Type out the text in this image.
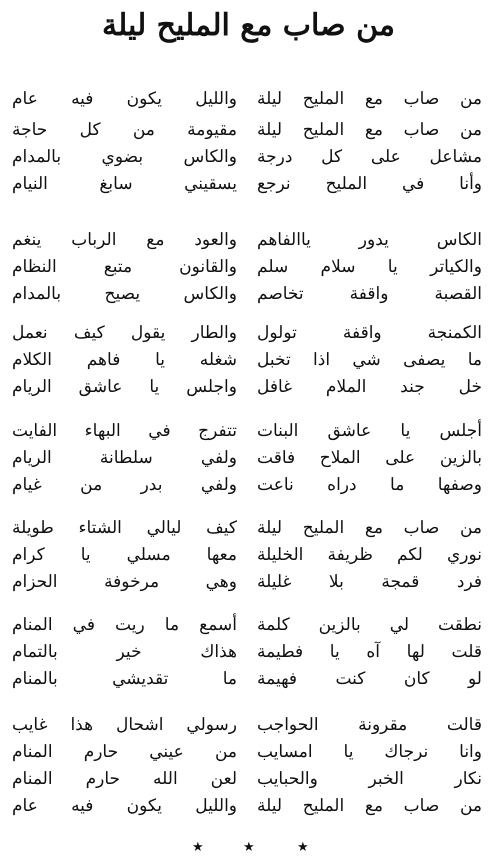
من صاب مع المليح ليلة
من صاب مع المليح ليلة
والليل يكون فيه عام
من صاب مع المليح ليلة
مقيومة من كل حاجة
مشاعل على كل درجة
والكاس بضوي بالمدام
وأنا في المليح نرجع
يسقيني سابغ النيام
الكاس يدور ياالفاهم
والعود مع الرباب ينغم
والكياتر يا سلام سلم
والقانون متبع النظام
القصبة واقفة تخاصم
والكاس يصيح بالمدام
الكمنجة واقفة تولول
والطار يقول كيف نعمل
ما يصفى شي اذا تخبل
شغله يا فاهم الكلام
خل جند الملام غافل
واجلس يا عاشق الريام
أجلس يا عاشق البنات
تتفرج في البهاء الفايت
بالزين على الملاح فاقت
ولفي سلطانة الريام
وصفها ما دراه ناعت
ولفي بدر من غيام
من صاب مع المليح ليلة
كيف ليالي الشتاء طويلة
نوري لكم ظريفة الخليلة
معها مسلي يا كرام
فرد قمجة بلا غليلة
وهي مرخوفة الحزام
نطقت لي بالزين كلمة
أسمع ما ريت في المنام
قلت لها آه يا فطيمة
هذاك خير بالتمام
لو كان كنت فهيمة
ما تقديشي بالمنام
قالت مقرونة الحواجب
رسولي اشحال هذا غايب
وانا نرجاك يا امسايب
من عيني حارم المنام
نكار الخبر والحبايب
لعن الله حارم المنام
من صاب مع المليح ليلة
والليل يكون فيه عام
★	★	★
